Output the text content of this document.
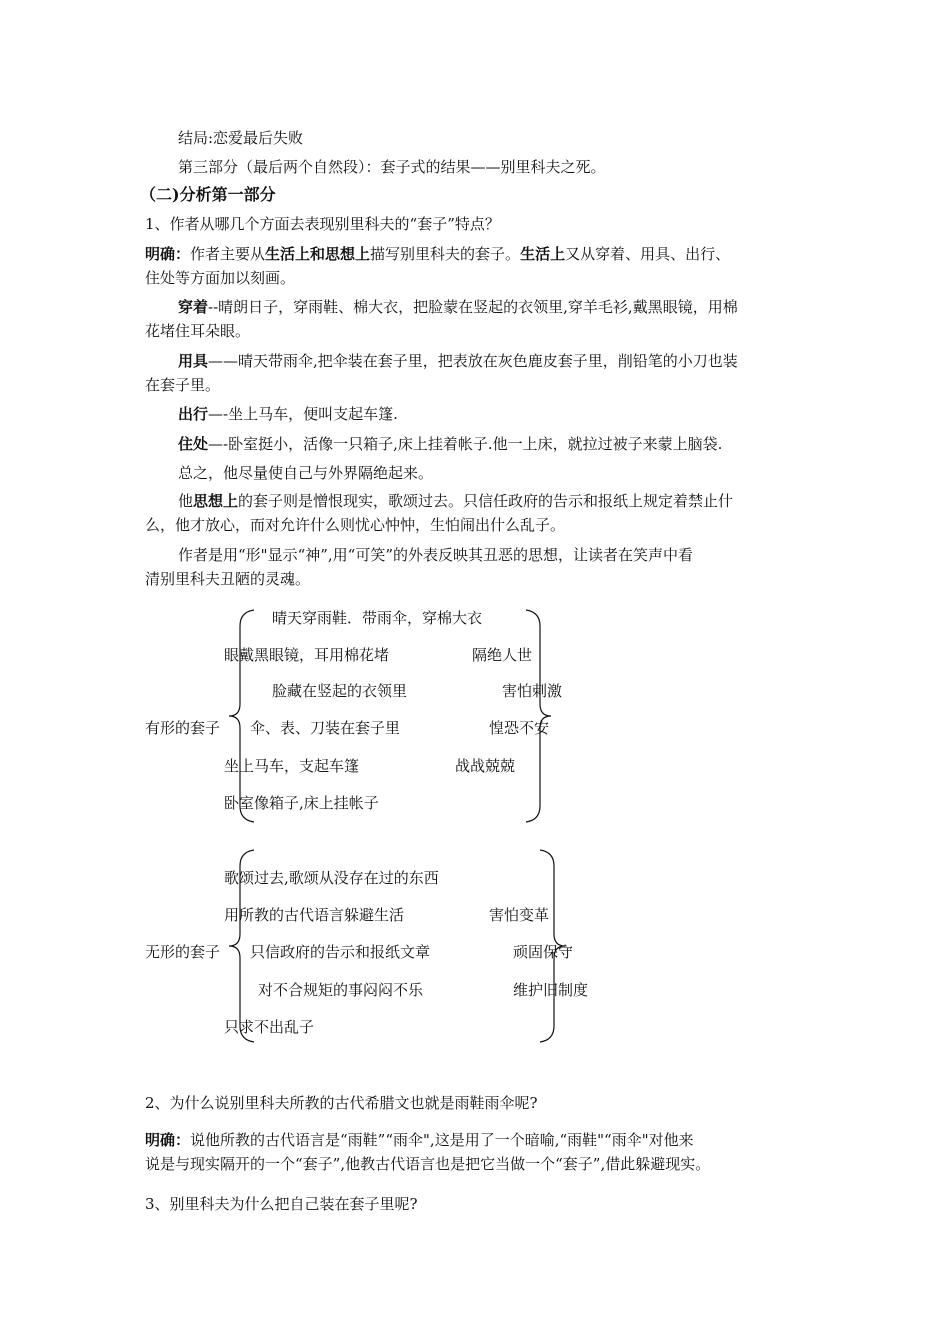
结局:恋爱最后失败
第三部分（最后两个自然段）：套子式的结果——别里科夫之死。
（二)分析第一部分
1、作者从哪几个方面去表现别里科夫的“套子”特点？
明确：作者主要从生活上和思想上描写别里科夫的套子。生活上又从穿着、用具、出行、
住处等方面加以刻画。
穿着--晴朗日子，穿雨鞋、棉大衣，把脸蒙在竖起的衣领里,穿羊毛衫,戴黑眼镜，用棉
花堵住耳朵眼。
用具——晴天带雨伞,把伞装在套子里，把表放在灰色鹿皮套子里，削铅笔的小刀也装
在套子里。
出行—-坐上马车，便叫支起车篷.
住处—-卧室挺小，活像一只箱子,床上挂着帐子.他一上床，就拉过被子来蒙上脑袋.
总之，他尽量使自己与外界隔绝起来。
他思想上的套子则是憎恨现实，歌颂过去。只信任政府的告示和报纸上规定着禁止什
么，他才放心，而对允许什么则忧心忡忡，生怕闹出什么乱子。
作者是用“形"显示“神”,用“可笑”的外表反映其丑恶的思想，让读者在笑声中看
清别里科夫丑陋的灵魂。
有形的套子
晴天穿雨鞋．带雨伞，穿棉大衣
眼戴黑眼镜，耳用棉花堵
脸藏在竖起的衣领里
伞、表、刀装在套子里
坐上马车，支起车篷
卧室像箱子,床上挂帐子
隔绝人世
害怕刺激
惶恐不安
战战兢兢
无形的套子
歌颂过去,歌颂从没存在过的东西
用所教的古代语言躲避生活
只信政府的告示和报纸文章
对不合规矩的事闷闷不乐
只求不出乱子
害怕变革
顽固保守
维护旧制度
2、为什么说别里科夫所教的古代希腊文也就是雨鞋雨伞呢?
明确：说他所教的古代语言是“雨鞋”“雨伞",这是用了一个暗喻,“雨鞋"“雨伞"对他来
说是与现实隔开的一个“套子”,他教古代语言也是把它当做一个“套子”,借此躲避现实。
3、别里科夫为什么把自己装在套子里呢?
